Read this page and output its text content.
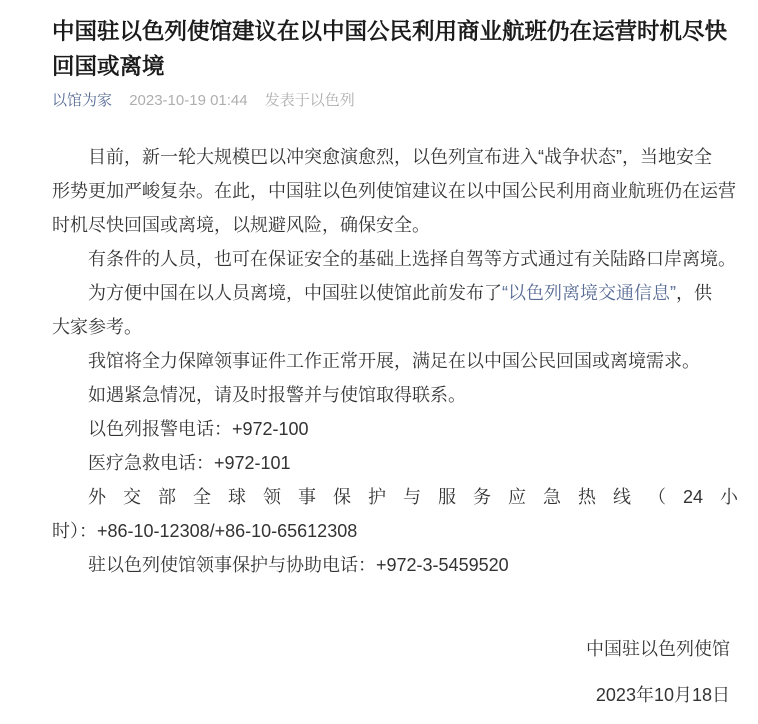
中国驻以色列使馆建议在以中国公民利用商业航班仍在运营时机尽快
回国或离境
以馆为家 2023-10-19 01:44 发表于以色列

目前，新一轮大规模巴以冲突愈演愈烈，以色列宣布进入“战争状态”，当地安全
形势更加严峻复杂。在此，中国驻以色列使馆建议在以中国公民利用商业航班仍在运营
时机尽快回国或离境，以规避风险，确保安全。

有条件的人员，也可在保证安全的基础上选择自驾等方式通过有关陆路口岸离境。

为方便中国在以人员离境，中国驻以使馆此前发布了“以色列离境交通信息”，供
大家参考。

我馆将全力保障领事证件工作正常开展，满足在以中国公民回国或离境需求。

如遇紧急情况，请及时报警并与使馆取得联系。

以色列报警电话：+972-100

医疗急救电话：+972-101

外交部全球领事保护与服务应急热线（24 小
时）：+86-10-12308/+86-10-65612308

驻以色列使馆领事保护与协助电话：+972-3-5459520

中国驻以色列使馆
2023年10月18日
